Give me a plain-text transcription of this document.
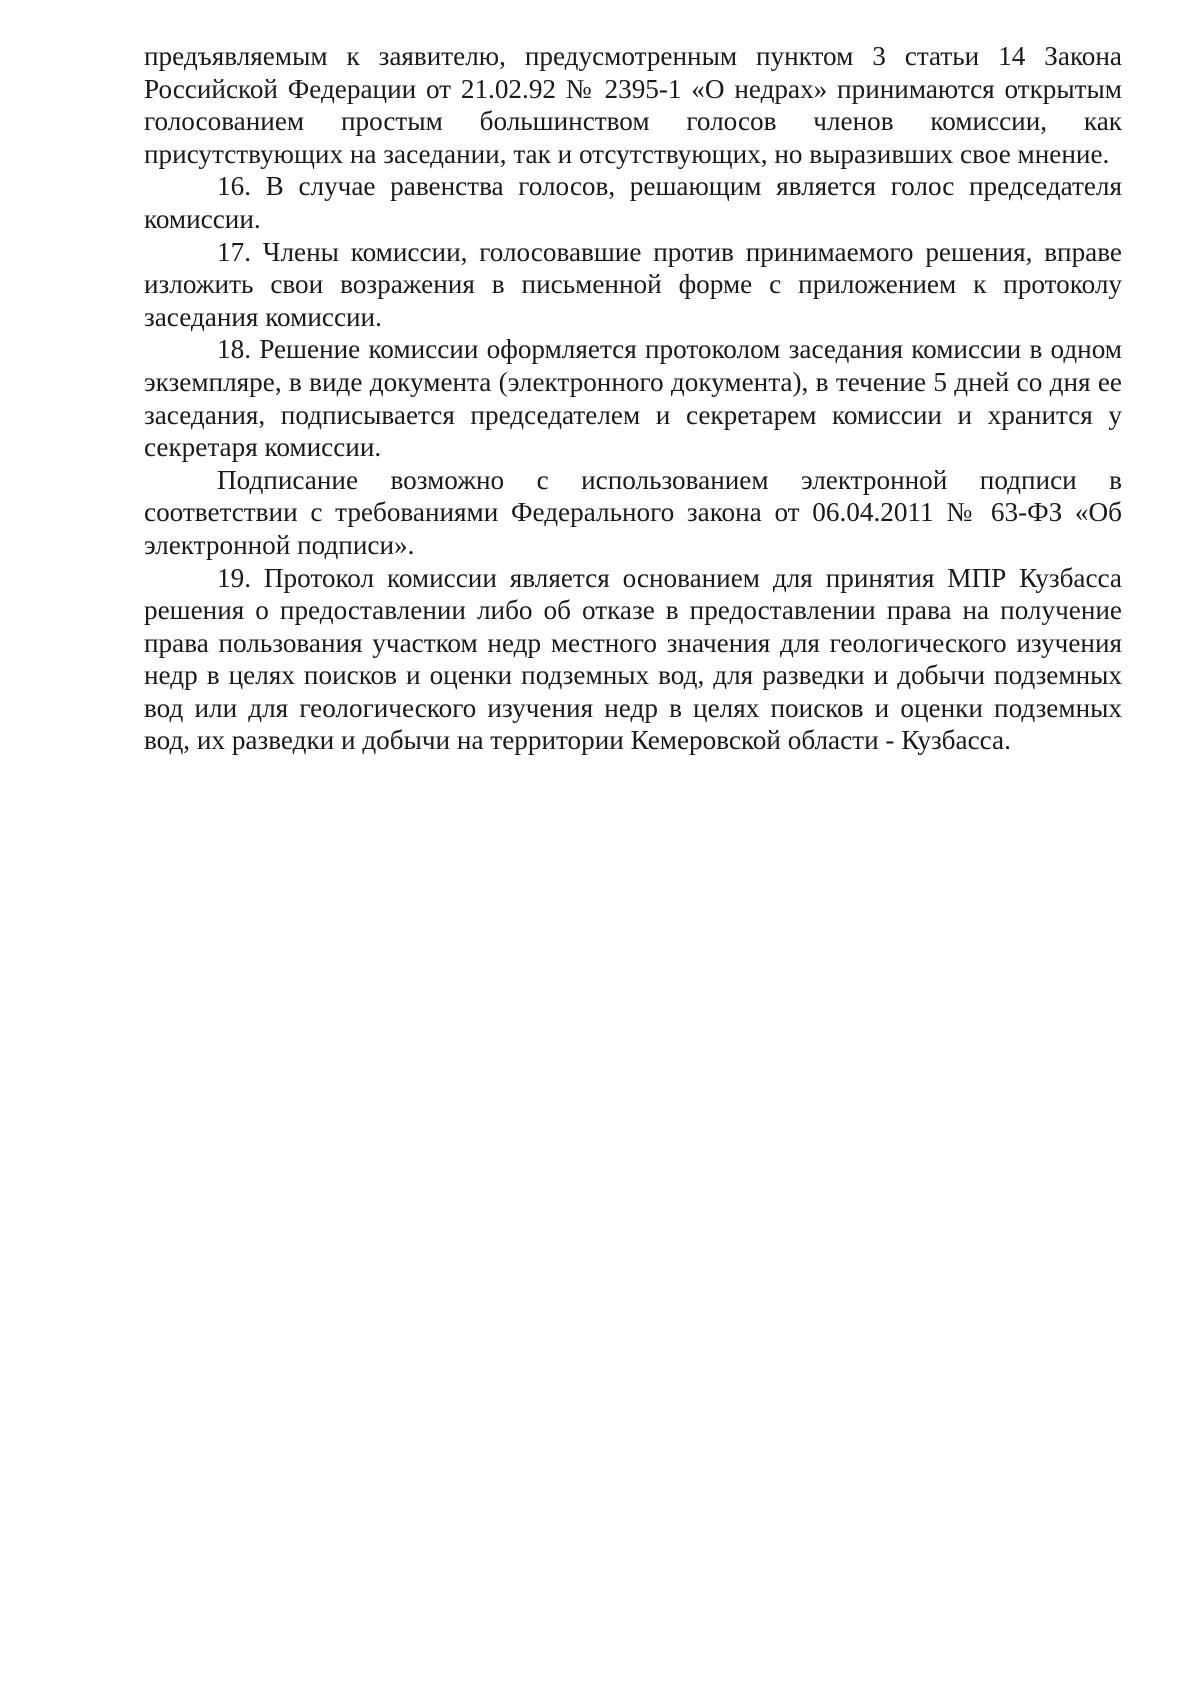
предъявляемым к заявителю, предусмотренным пунктом 3 статьи 14 Закона Российской Федерации от 21.02.92 № 2395-1 «О недрах» принимаются открытым голосованием простым большинством голосов членов комиссии, как присутствующих на заседании, так и отсутствующих, но выразивших свое мнение.

16. В случае равенства голосов, решающим является голос председателя комиссии.

17. Члены комиссии, голосовавшие против принимаемого решения, вправе изложить свои возражения в письменной форме с приложением к протоколу заседания комиссии.

18. Решение комиссии оформляется протоколом заседания комиссии в одном экземпляре, в виде документа (электронного документа), в течение 5 дней со дня ее заседания, подписывается председателем и секретарем комиссии и хранится у секретаря комиссии.

Подписание возможно с использованием электронной подписи в соответствии с требованиями Федерального закона от 06.04.2011 № 63-ФЗ «Об электронной подписи».

19. Протокол комиссии является основанием для принятия МПР Кузбасса решения о предоставлении либо об отказе в предоставлении права на получение права пользования участком недр местного значения для геологического изучения недр в целях поисков и оценки подземных вод, для разведки и добычи подземных вод или для геологического изучения недр в целях поисков и оценки подземных вод, их разведки и добычи на территории Кемеровской области - Кузбасса.
